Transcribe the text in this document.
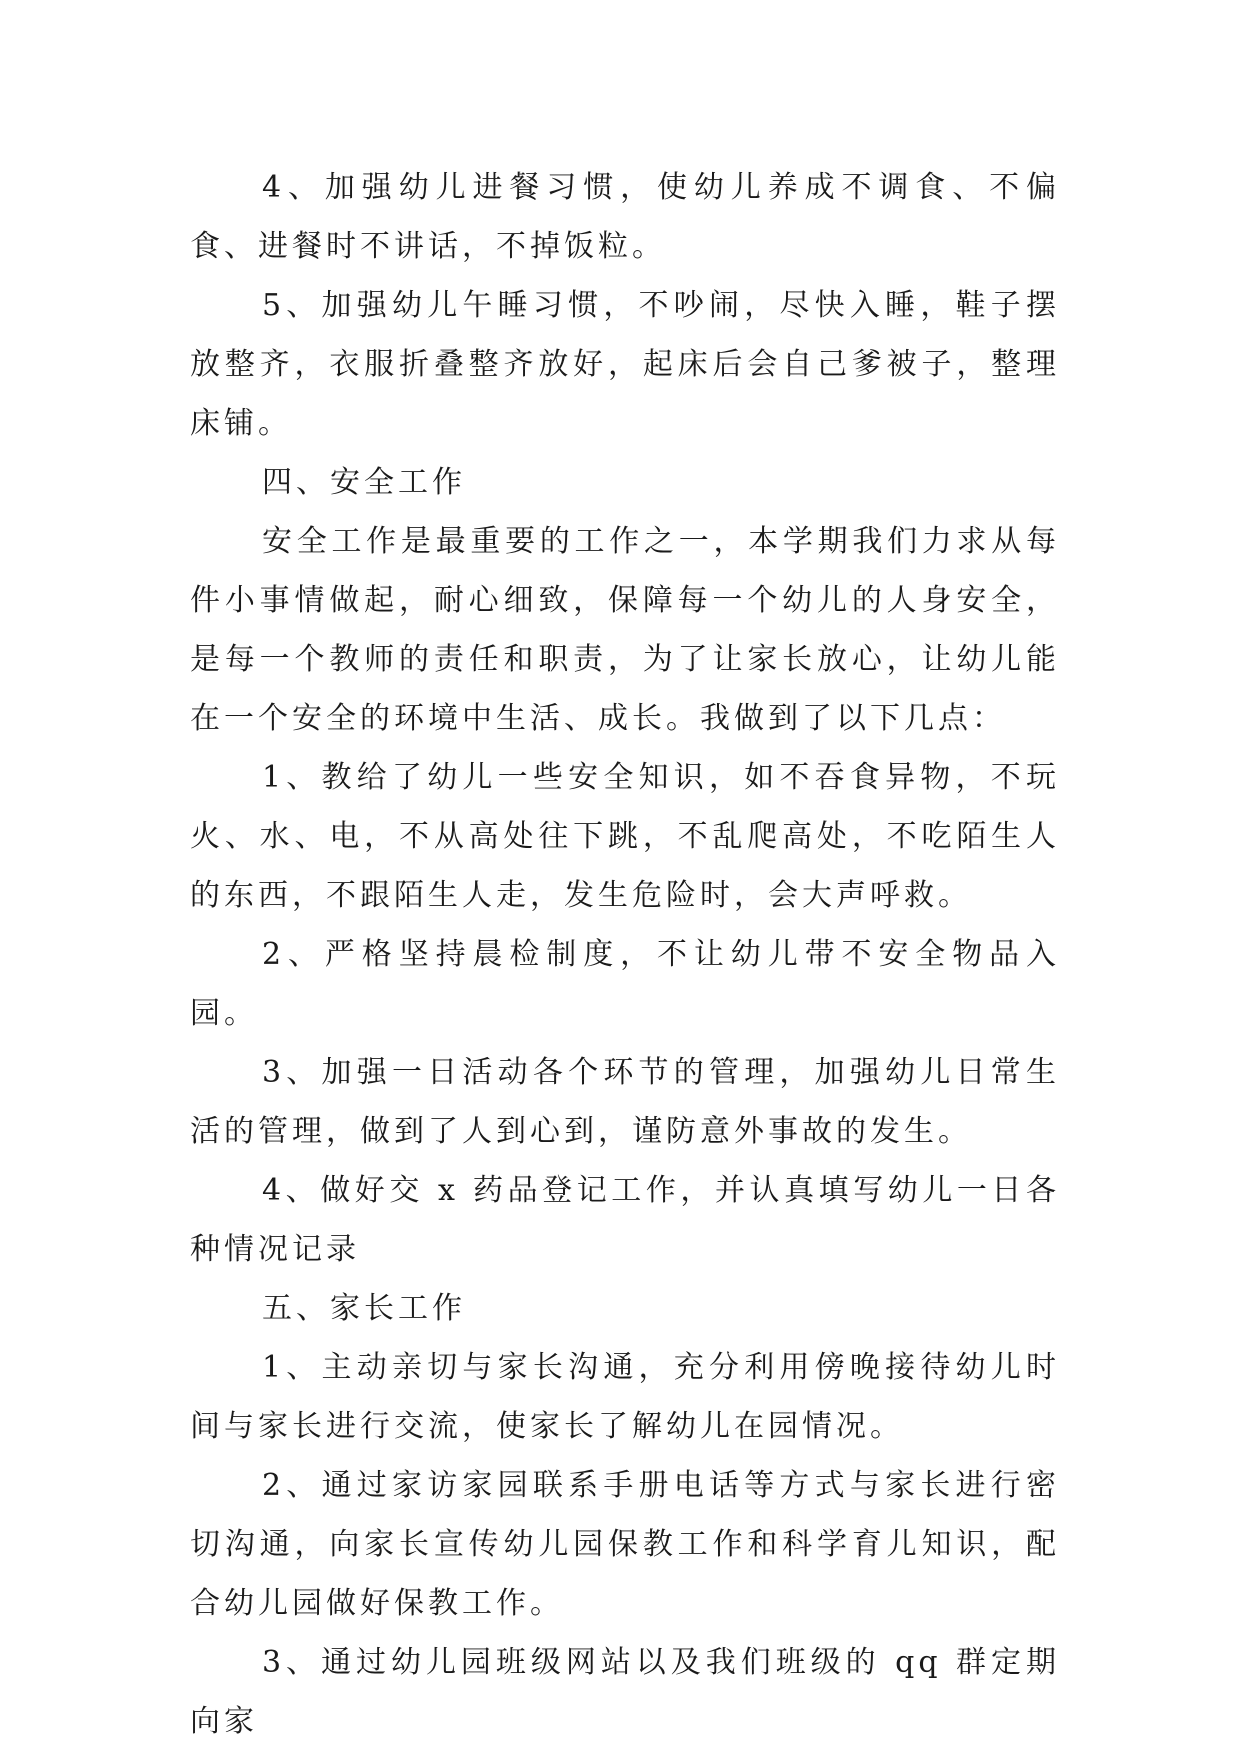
4、加强幼儿进餐习惯，使幼儿养成不调食、不偏食、进餐时不讲话，不掉饭粒。

5、加强幼儿午睡习惯，不吵闹，尽快入睡，鞋子摆放整齐，衣服折叠整齐放好，起床后会自己爹被子，整理床铺。

四、安全工作

安全工作是最重要的工作之一，本学期我们力求从每件小事情做起，耐心细致，保障每一个幼儿的人身安全，是每一个教师的责任和职责，为了让家长放心，让幼儿能在一个安全的环境中生活、成长。我做到了以下几点：

1、教给了幼儿一些安全知识，如不吞食异物，不玩火、水、电，不从高处往下跳，不乱爬高处，不吃陌生人的东西，不跟陌生人走，发生危险时，会大声呼救。

2、严格坚持晨检制度，不让幼儿带不安全物品入园。

3、加强一日活动各个环节的管理，加强幼儿日常生活的管理，做到了人到心到，谨防意外事故的发生。

4、做好交 x 药品登记工作，并认真填写幼儿一日各种情况记录

五、家长工作

1、主动亲切与家长沟通，充分利用傍晚接待幼儿时间与家长进行交流，使家长了解幼儿在园情况。

2、通过家访家园联系手册电话等方式与家长进行密切沟通，向家长宣传幼儿园保教工作和科学育儿知识，配合幼儿园做好保教工作。

3、通过幼儿园班级网站以及我们班级的 qq 群定期向家
